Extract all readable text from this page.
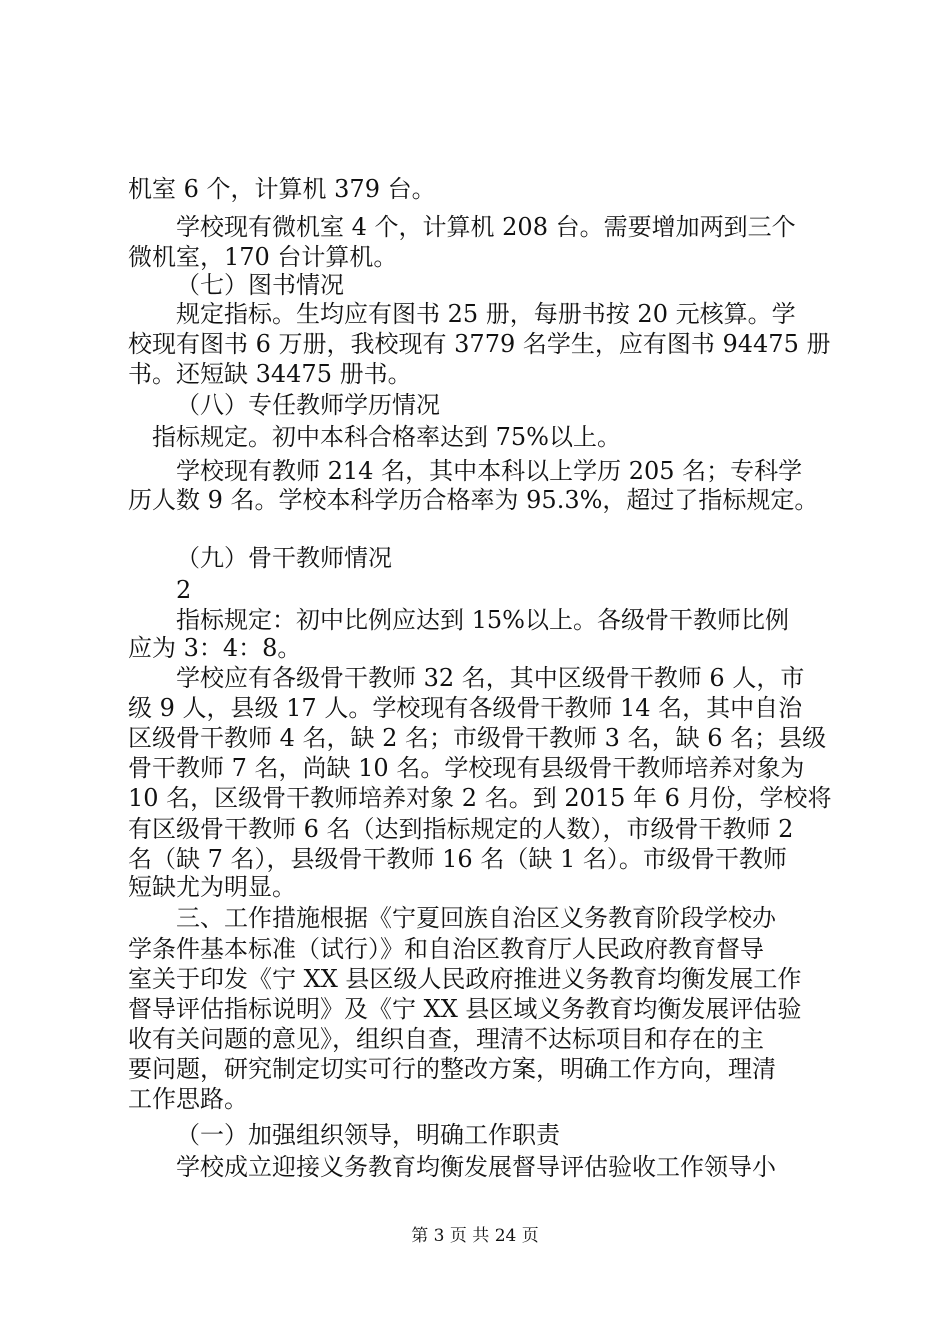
机室 6 个，计算机 379 台。
学校现有微机室 4 个，计算机 208 台。需要增加两到三个
微机室，170 台计算机。
（七）图书情况
规定指标。生均应有图书 25 册，每册书按 20 元核算。学
校现有图书 6 万册，我校现有 3779 名学生，应有图书 94475 册
书。还短缺 34475 册书。
（八）专任教师学历情况
指标规定。初中本科合格率达到 75%以上。
学校现有教师 214 名，其中本科以上学历 205 名；专科学
历人数 9 名。学校本科学历合格率为 95.3%，超过了指标规定。
（九）骨干教师情况
2
指标规定：初中比例应达到 15%以上。各级骨干教师比例
应为 3：4：8。
学校应有各级骨干教师 32 名，其中区级骨干教师 6 人，市
级 9 人，县级 17 人。学校现有各级骨干教师 14 名，其中自治
区级骨干教师 4 名，缺 2 名；市级骨干教师 3 名，缺 6 名；县级
骨干教师 7 名，尚缺 10 名。学校现有县级骨干教师培养对象为
10 名，区级骨干教师培养对象 2 名。到 2015 年 6 月份，学校将
有区级骨干教师 6 名（达到指标规定的人数），市级骨干教师 2
名（缺 7 名），县级骨干教师 16 名（缺 1 名）。市级骨干教师
短缺尤为明显。
三、工作措施根据《宁夏回族自治区义务教育阶段学校办
学条件基本标准（试行）》和自治区教育厅人民政府教育督导
室关于印发《宁 XX 县区级人民政府推进义务教育均衡发展工作
督导评估指标说明》及《宁 XX 县区域义务教育均衡发展评估验
收有关问题的意见》，组织自查，理清不达标项目和存在的主
要问题，研究制定切实可行的整改方案，明确工作方向，理清
工作思路。
（一）加强组织领导，明确工作职责
学校成立迎接义务教育均衡发展督导评估验收工作领导小
第 3 页 共 24 页
